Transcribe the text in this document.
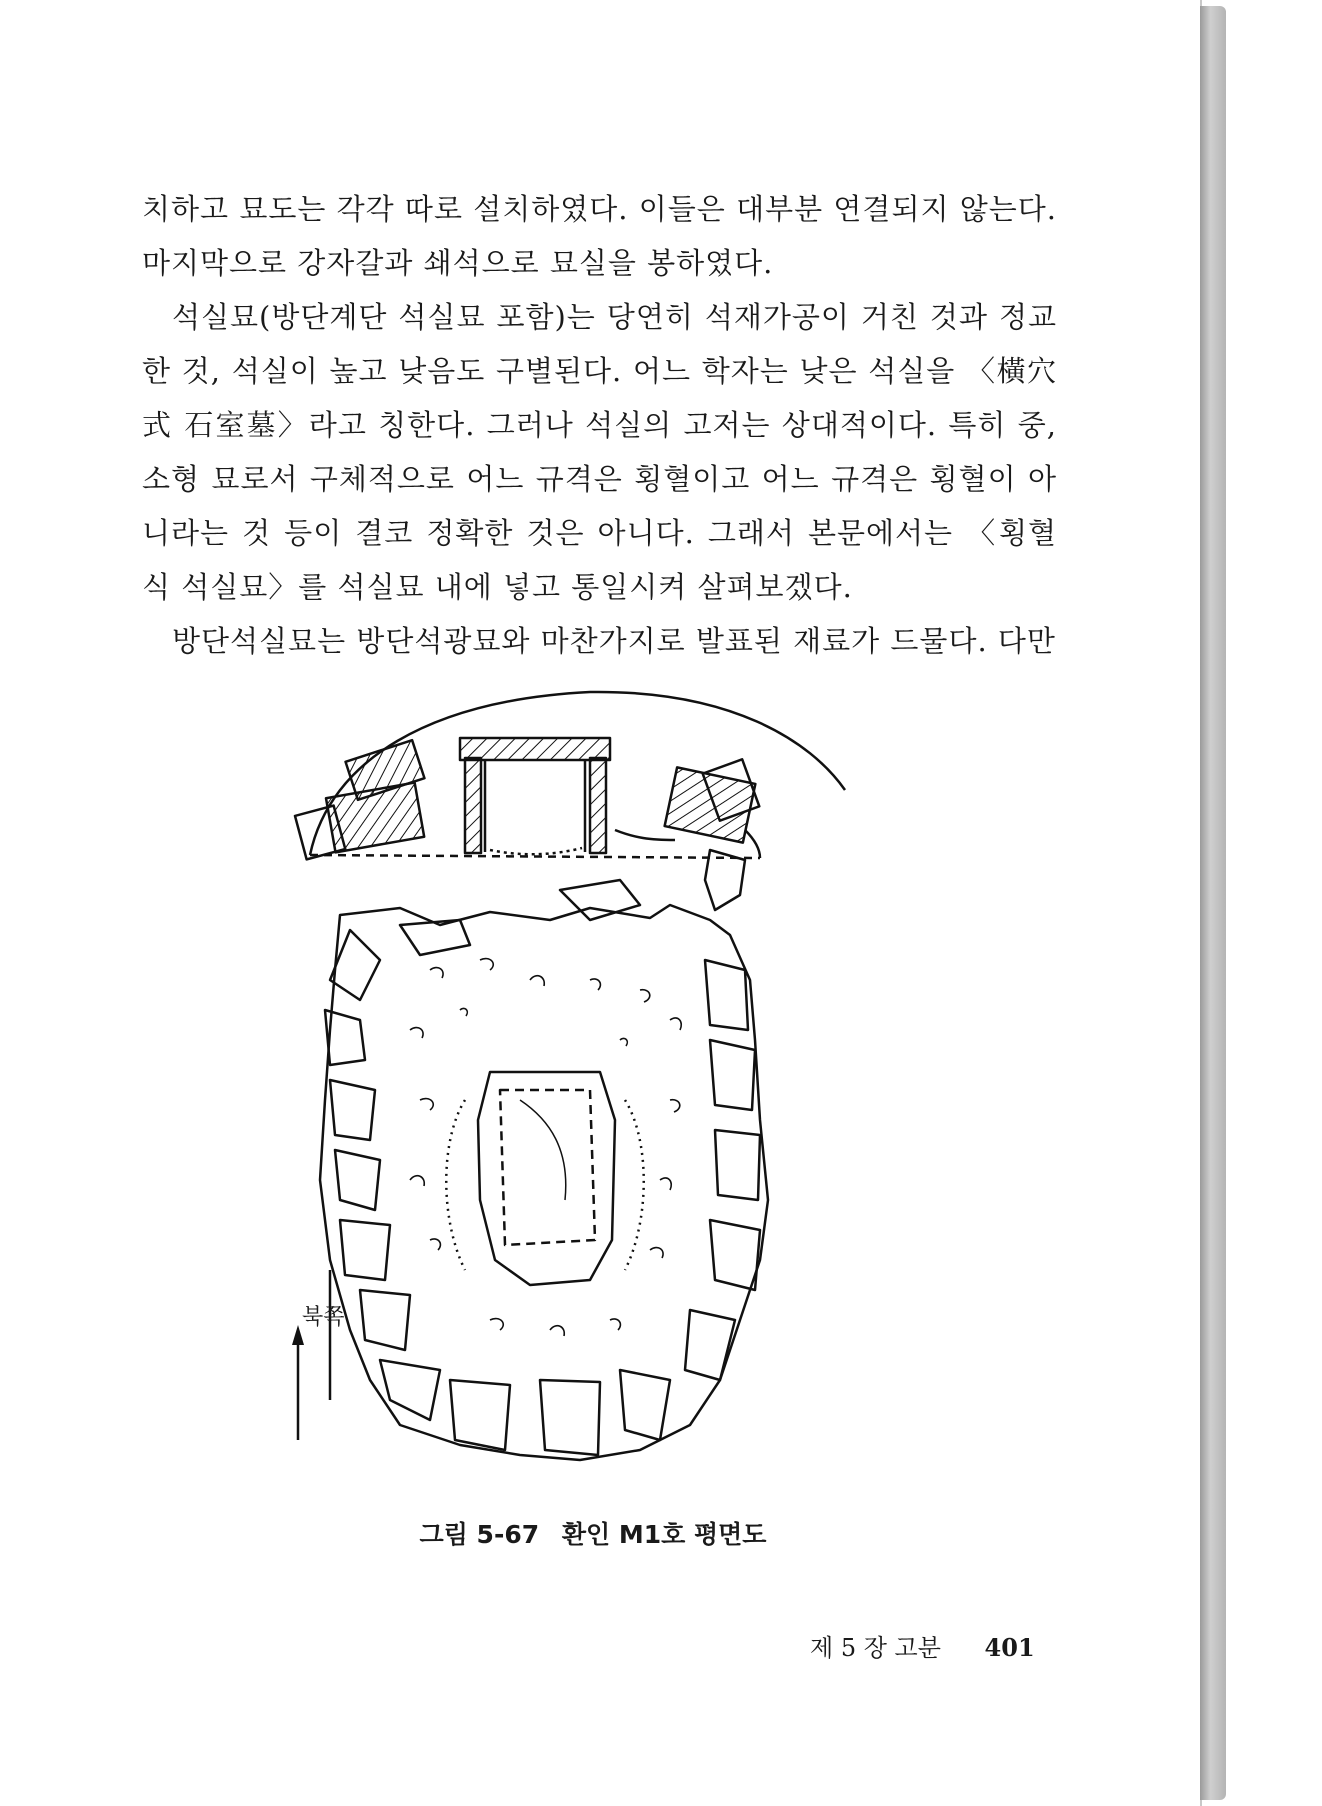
치하고 묘도는 각각 따로 설치하였다. 이들은 대부분 연결되지 않는다. 마지막으로 강자갈과 쇄석으로 묘실을 봉하였다.

석실묘(방단계단 석실묘 포함)는 당연히 석재가공이 거친 것과 정교한 것, 석실이 높고 낮음도 구별된다. 어느 학자는 낮은 석실을 〈橫穴式 石室墓〉라고 칭한다. 그러나 석실의 고저는 상대적이다. 특히 중, 소형 묘로서 구체적으로 어느 규격은 횡혈이고 어느 규격은 횡혈이 아니라는 것 등이 결코 정확한 것은 아니다. 그래서 본문에서는 〈횡혈식 석실묘〉를 석실묘 내에 넣고 통일시켜 살펴보겠다.

방단석실묘는 방단석광묘와 마찬가지로 발표된 재료가 드물다. 다만

북쪽
그림 5-67 환인 M1호 평면도
제 5 장 고분 401
